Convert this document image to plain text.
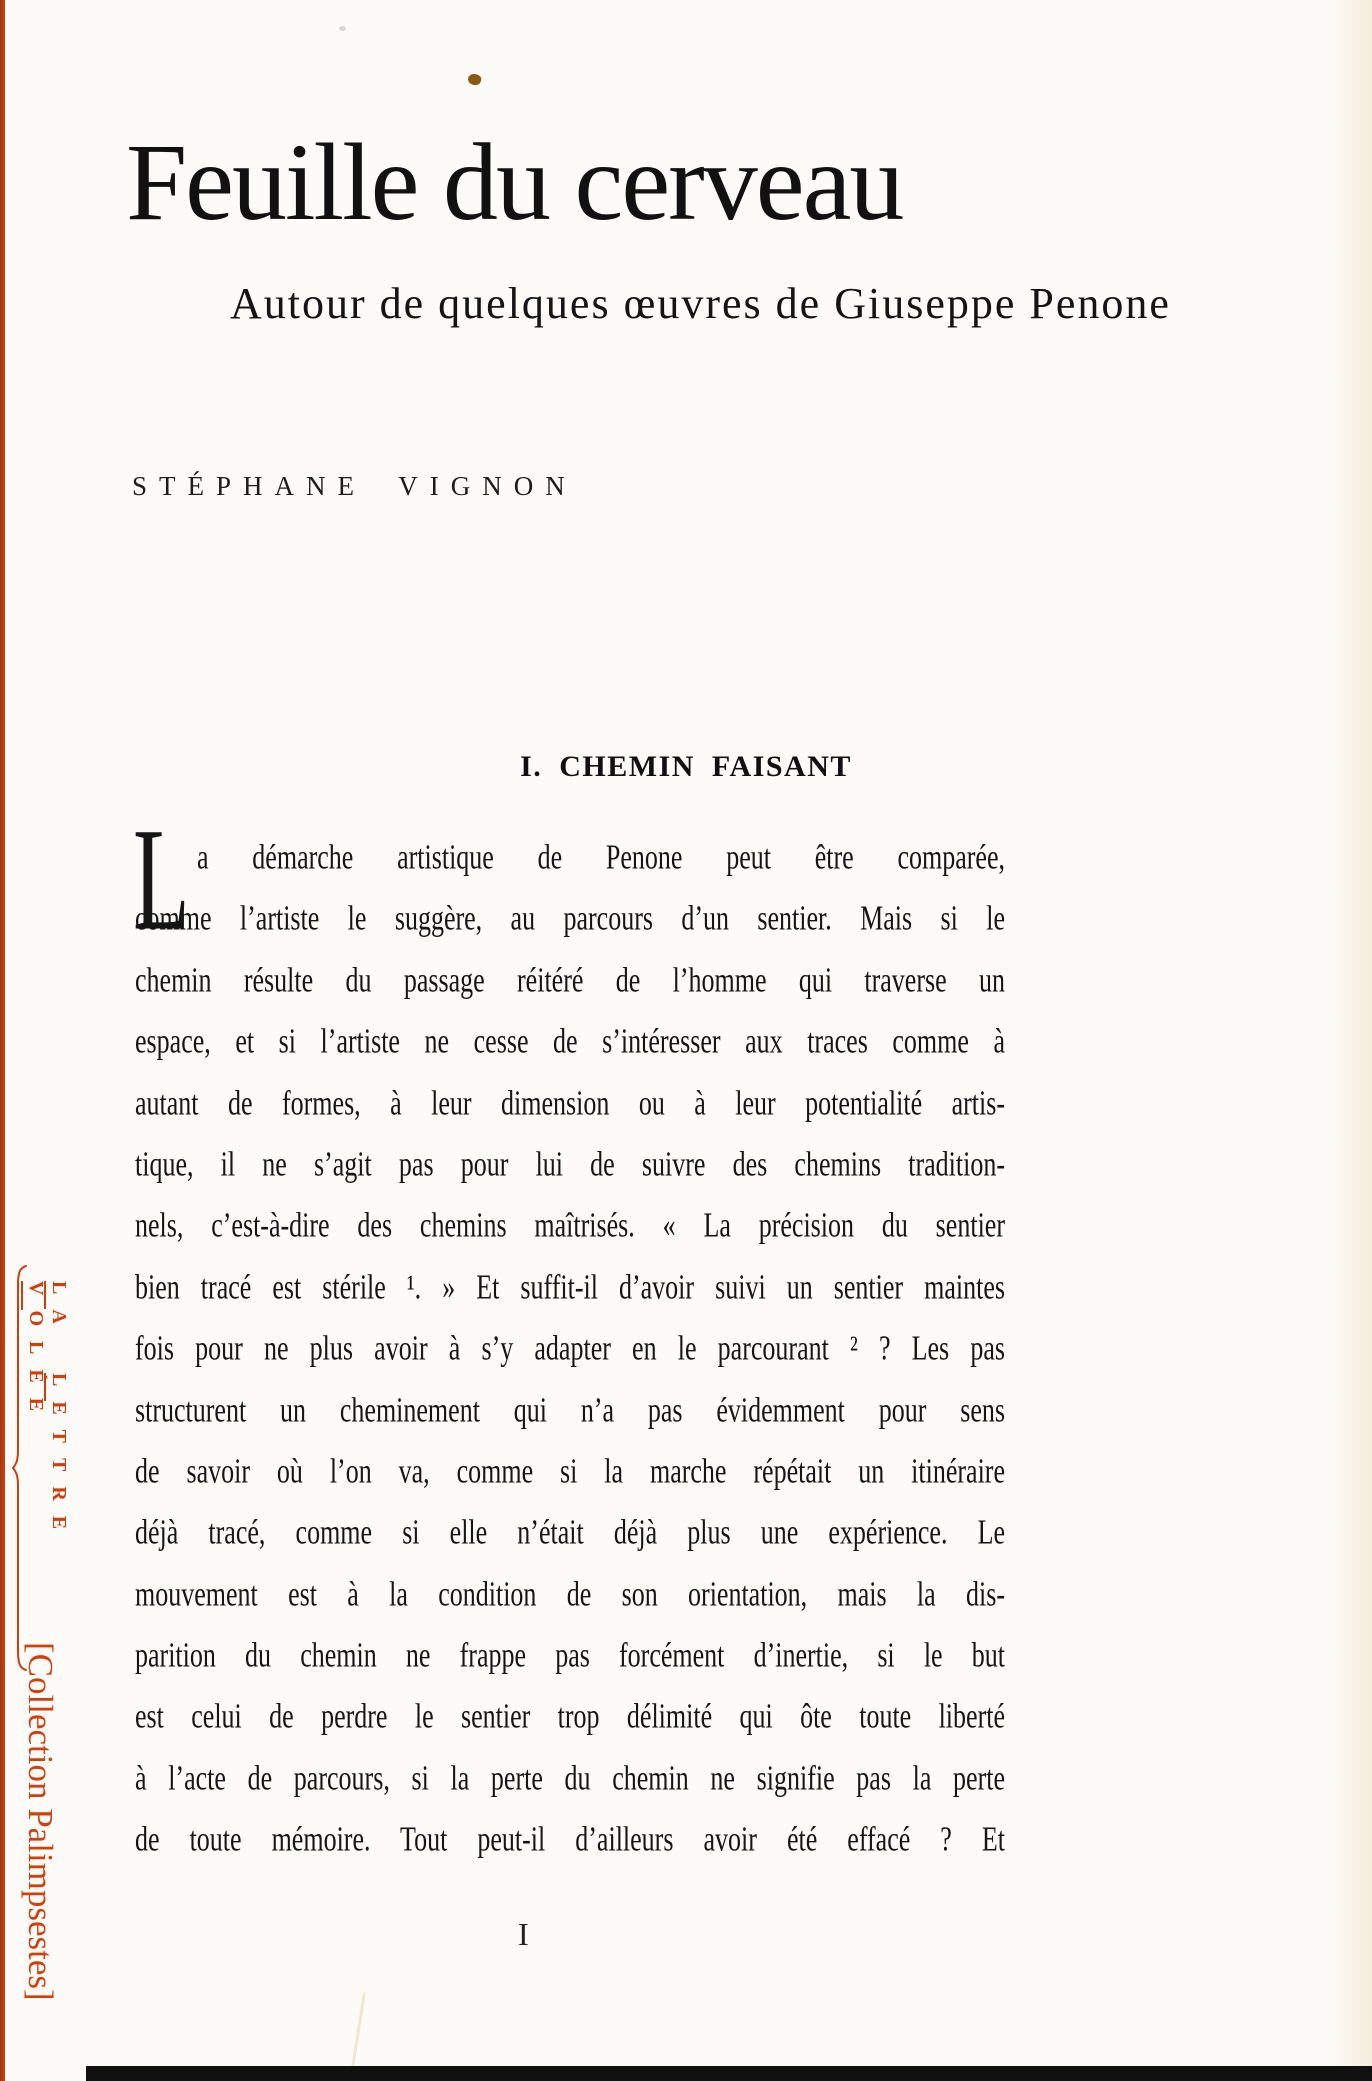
Feuille du cerveau
Autour de quelques œuvres de Giuseppe Penone
STÉPHANE VIGNON
I. CHEMIN FAISANT
L a démarche artistique de Penone peut être comparée,
comme l’artiste le suggère, au parcours d’un sentier. Mais si le
chemin résulte du passage réitéré de l’homme qui traverse un
espace, et si l’artiste ne cesse de s’intéresser aux traces comme à
autant de formes, à leur dimension ou à leur potentialité artis-
tique, il ne s’agit pas pour lui de suivre des chemins tradition-
nels, c’est-à-dire des chemins maîtrisés. « La précision du sentier
bien tracé est stérile ¹. » Et suffit-il d’avoir suivi un sentier maintes
fois pour ne plus avoir à s’y adapter en le parcourant ² ? Les pas
structurent un cheminement qui n’a pas évidemment pour sens
de savoir où l’on va, comme si la marche répétait un itinéraire
déjà tracé, comme si elle n’était déjà plus une expérience. Le
mouvement est à la condition de son orientation, mais la dis-
parition du chemin ne frappe pas forcément d’inertie, si le but
est celui de perdre le sentier trop délimité qui ôte toute liberté
à l’acte de parcours, si la perte du chemin ne signifie pas la perte
de toute mémoire. Tout peut-il d’ailleurs avoir été effacé ? Et
I
LA LETTRE VOLÉE
[Collection Palimpsestes]
